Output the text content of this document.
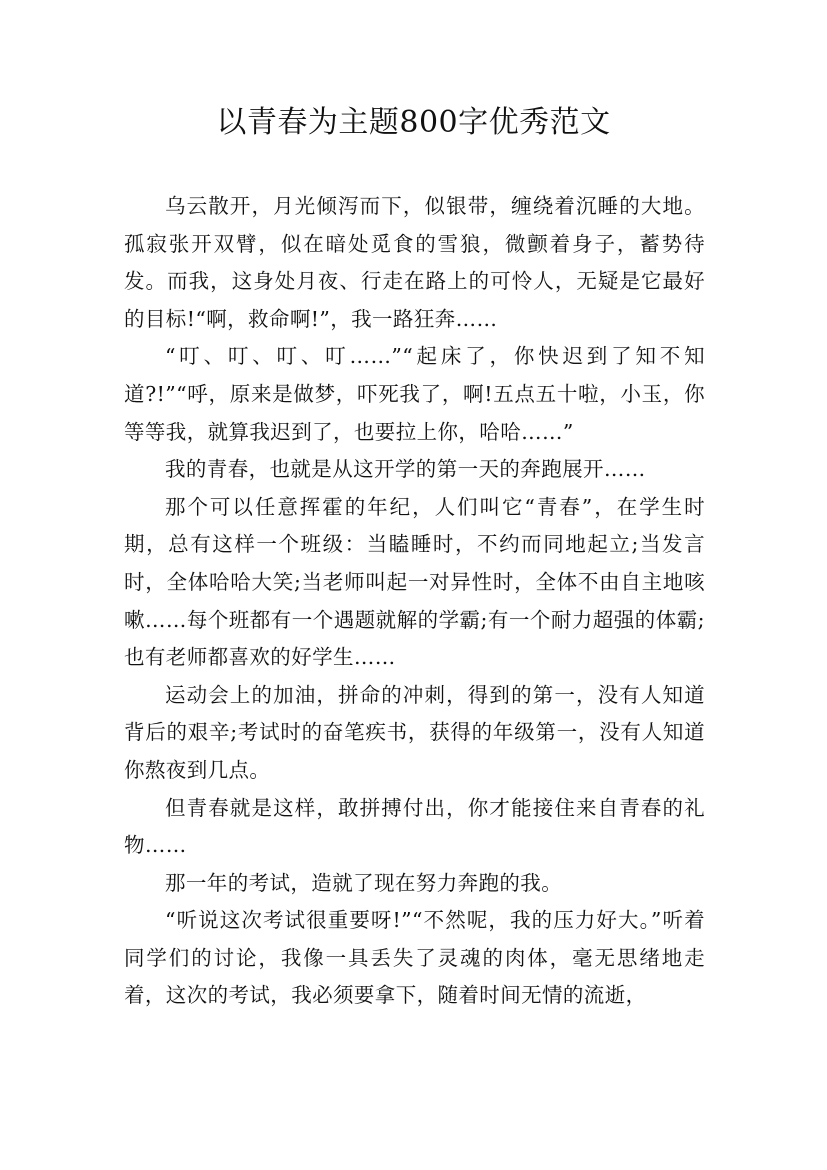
以青春为主题800字优秀范文

乌云散开，月光倾泻而下，似银带，缠绕着沉睡的大地。孤寂张开双臂，似在暗处觅食的雪狼，微颤着身子，蓄势待发。而我，这身处月夜、行走在路上的可怜人，无疑是它最好的目标!“啊，救命啊!”，我一路狂奔……

“叮、叮、叮、叮……”“起床了，你快迟到了知不知道?!”“呼，原来是做梦，吓死我了，啊!五点五十啦，小玉，你等等我，就算我迟到了，也要拉上你，哈哈……”

我的青春，也就是从这开学的第一天的奔跑展开……

那个可以任意挥霍的年纪，人们叫它“青春”，在学生时期，总有这样一个班级：当瞌睡时，不约而同地起立;当发言时，全体哈哈大笑;当老师叫起一对异性时，全体不由自主地咳嗽……每个班都有一个遇题就解的学霸;有一个耐力超强的体霸;也有老师都喜欢的好学生……

运动会上的加油，拼命的冲刺，得到的第一，没有人知道背后的艰辛;考试时的奋笔疾书，获得的年级第一，没有人知道你熬夜到几点。

但青春就是这样，敢拼搏付出，你才能接住来自青春的礼物……

那一年的考试，造就了现在努力奔跑的我。

“听说这次考试很重要呀!”“不然呢，我的压力好大。”听着同学们的讨论，我像一具丢失了灵魂的肉体，毫无思绪地走着，这次的考试，我必须要拿下，随着时间无情的流逝，
